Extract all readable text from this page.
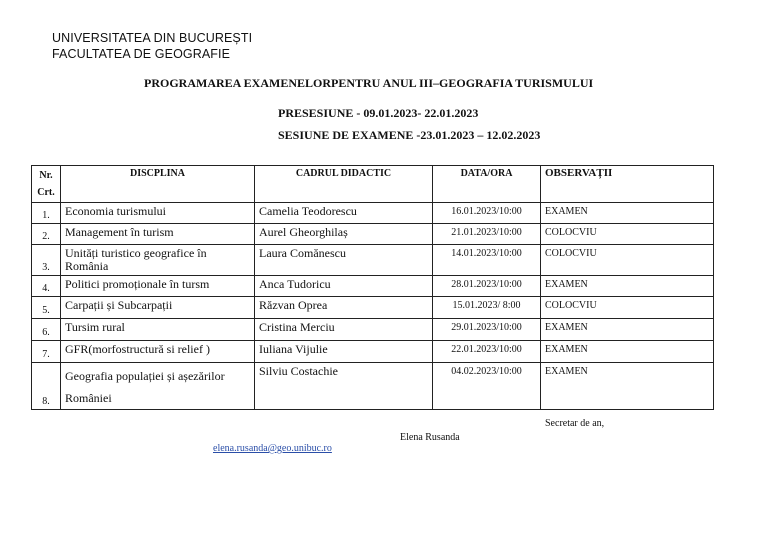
UNIVERSITATEA DIN BUCUREȘTI
FACULTATEA DE GEOGRAFIE
PROGRAMAREA EXAMENELORPENTRU ANUL III–GEOGRAFIA TURISMULUI
PRESESIUNE - 09.01.2023- 22.01.2023
SESIUNE DE EXAMENE -23.01.2023 – 12.02.2023
Nr.
Crt.	DISCPLINA	CADRUL DIDACTIC	DATA/ORA	OBSERVAȚII
1.	Economia turismului	Camelia Teodorescu	16.01.2023/10:00	EXAMEN
2.	Management în turism	Aurel Gheorghilaș	21.01.2023/10:00	COLOCVIU
3.	Unități turistico geografice în România	Laura Comănescu	14.01.2023/10:00	COLOCVIU
4.	Politici promoționale în tursm	Anca Tudoricu	28.01.2023/10:00	EXAMEN
5.	Carpații și Subcarpații	Răzvan Oprea	15.01.2023/ 8:00	COLOCVIU
6.	Tursim rural	Cristina Merciu	29.01.2023/10:00	EXAMEN
7.	GFR(morfostructură si relief )	Iuliana Vijulie	22.01.2023/10:00	EXAMEN
8.	Geografia populației și așezărilor României	Silviu Costachie	04.02.2023/10:00	EXAMEN
Secretar de an,
Elena Rusanda
elena.rusanda@geo.unibuc.ro
